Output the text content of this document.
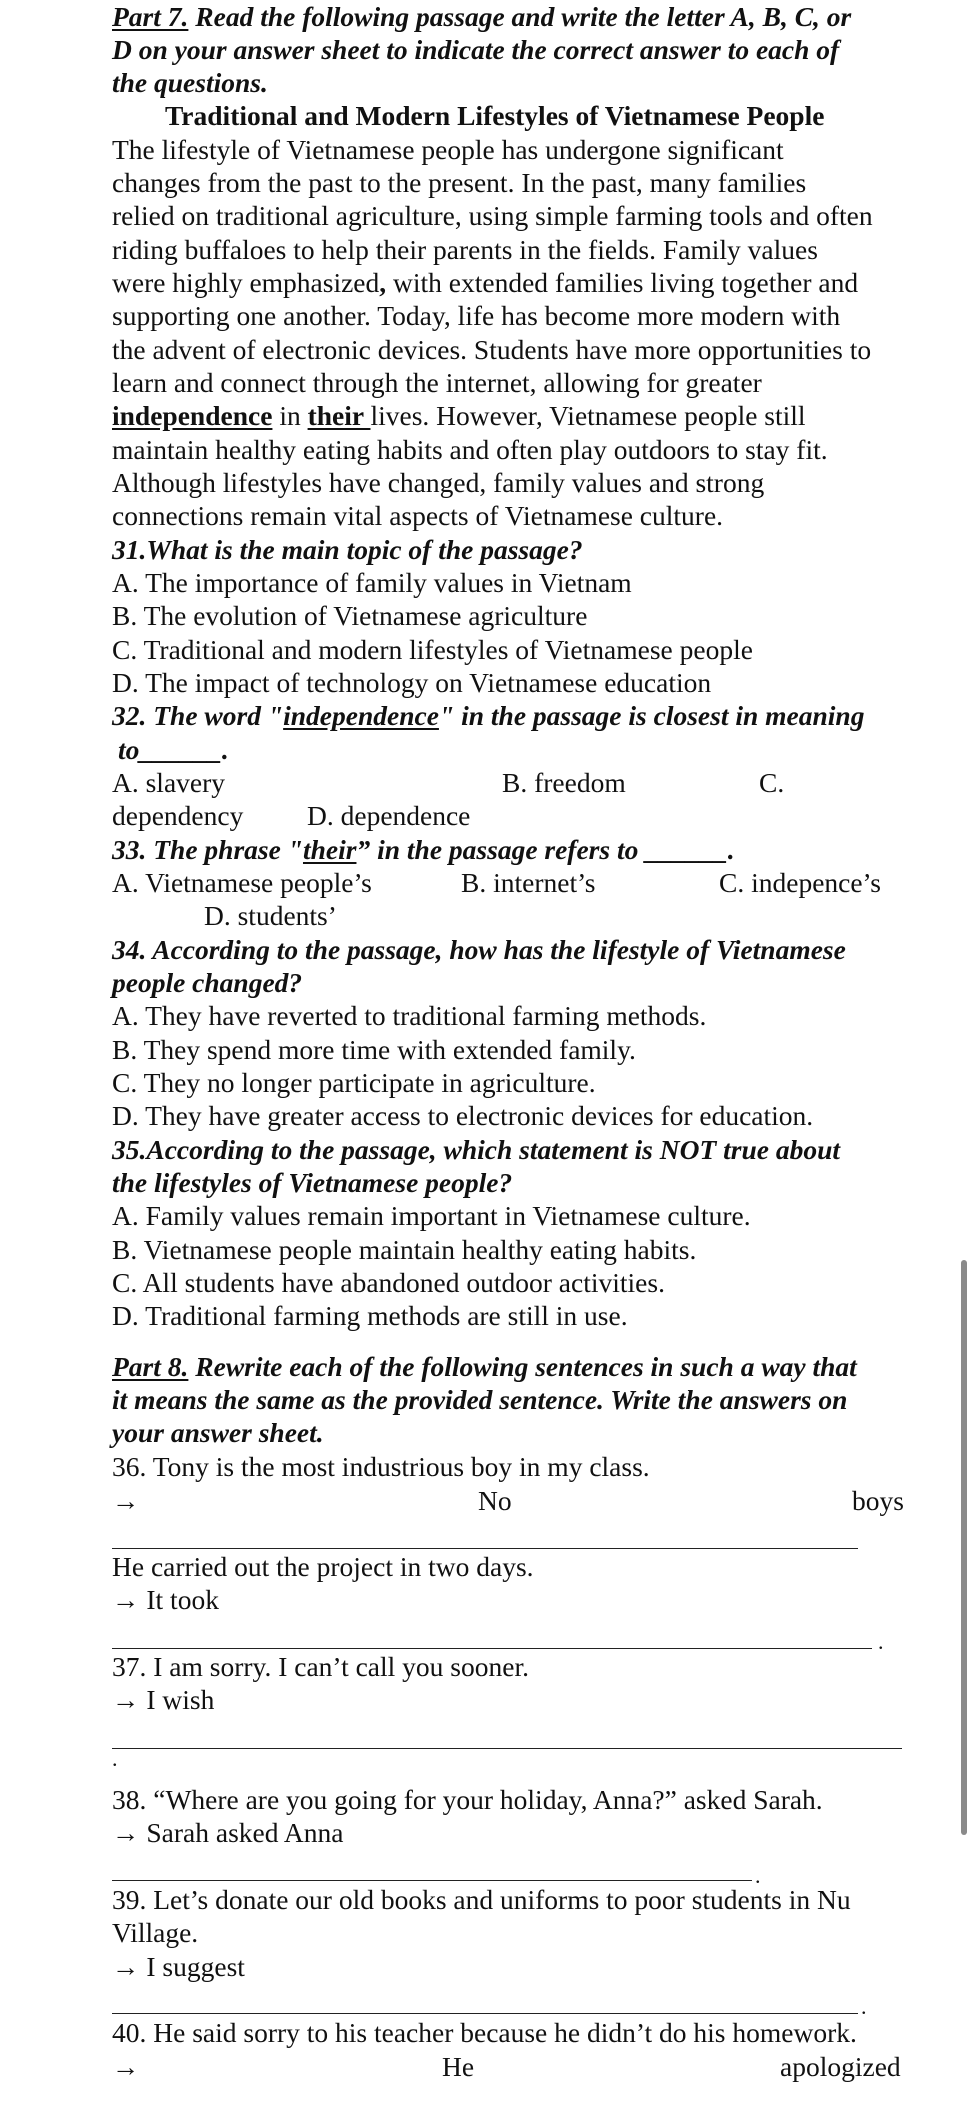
Part 7. Read the following passage and write the letter A, B, C, or
D on your answer sheet to indicate the correct answer to each of
the questions.
Traditional and Modern Lifestyles of Vietnamese People
The lifestyle of Vietnamese people has undergone significant
changes from the past to the present. In the past, many families
relied on traditional agriculture, using simple farming tools and often
riding buffaloes to help their parents in the fields. Family values
were highly emphasized, with extended families living together and
supporting one another. Today, life has become more modern with
the advent of electronic devices. Students have more opportunities to
learn and connect through the internet, allowing for greater
independence in their lives. However, Vietnamese people still
maintain healthy eating habits and often play outdoors to stay fit.
Although lifestyles have changed, family values and strong
connections remain vital aspects of Vietnamese culture.
31.What is the main topic of the passage?
A. The importance of family values in Vietnam
B. The evolution of Vietnamese agriculture
C. Traditional and modern lifestyles of Vietnamese people
D. The impact of technology on Vietnamese education
32. The word "independence" in the passage is closest in meaning
to______.
A. slavery	B. freedom	C.
dependency D. dependence
33. The phrase "their” in the passage refers to ______.
A. Vietnamese people’s	B. internet’s	C. indepence’s
D. students’
34. According to the passage, how has the lifestyle of Vietnamese
people changed?
A. They have reverted to traditional farming methods.
B. They spend more time with extended family.
C. They no longer participate in agriculture.
D. They have greater access to electronic devices for education.
35.According to the passage, which statement is NOT true about
the lifestyles of Vietnamese people?
A. Family values remain important in Vietnamese culture.
B. Vietnamese people maintain healthy eating habits.
C. All students have abandoned outdoor activities.
D. Traditional farming methods are still in use.
Part 8. Rewrite each of the following sentences in such a way that
it means the same as the provided sentence. Write the answers on
your answer sheet.
36. Tony is the most industrious boy in my class.
→	No	boys
He carried out the project in two days.
→ It took
.
37. I am sorry. I can’t call you sooner.
→ I wish
.
38. “Where are you going for your holiday, Anna?” asked Sarah.
→ Sarah asked Anna
.
39. Let’s donate our old books and uniforms to poor students in Nu
Village.
→ I suggest
.
40. He said sorry to his teacher because he didn’t do his homework.
→	He	apologized
